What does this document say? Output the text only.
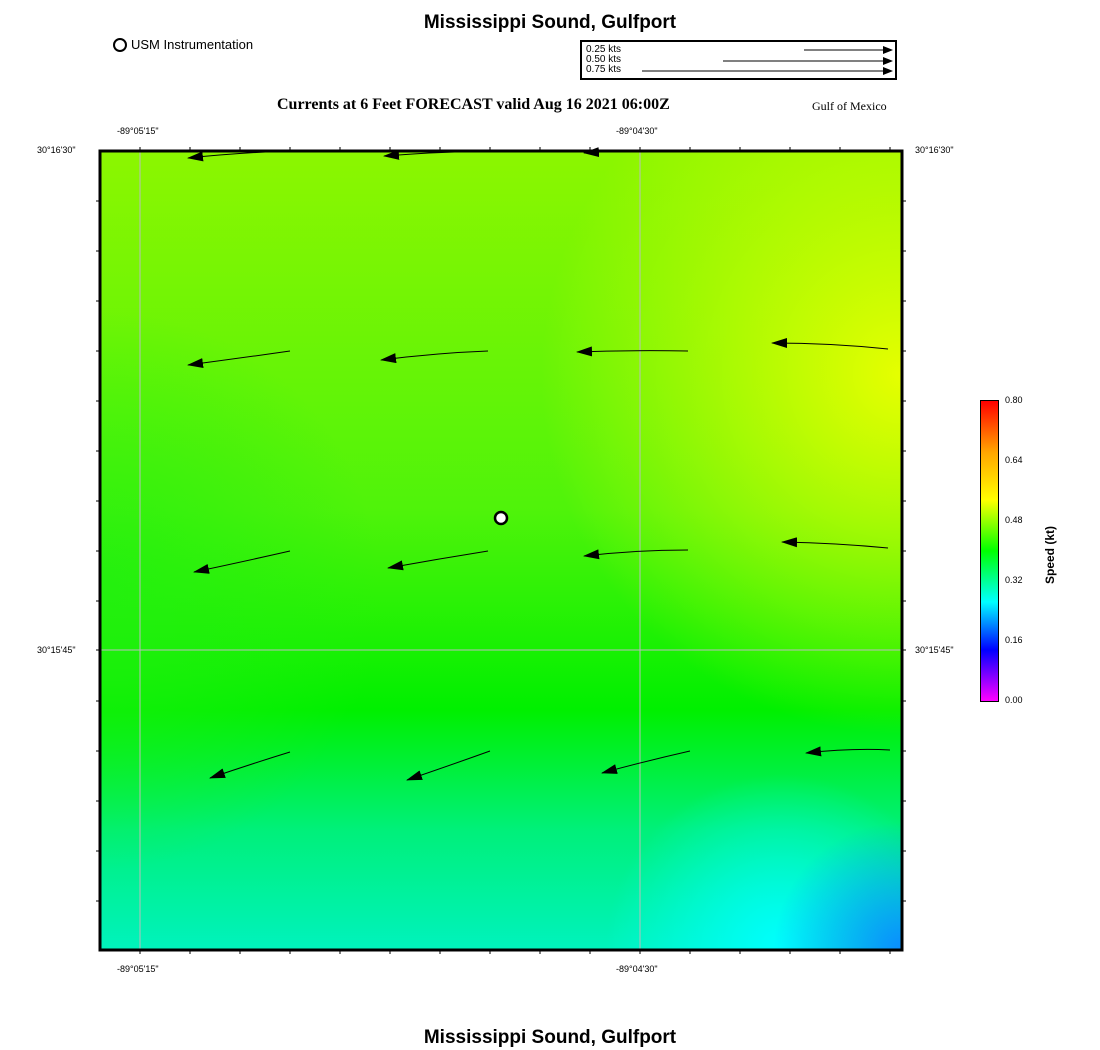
Mississippi Sound, Gulfport
USM Instrumentation	0.25 kts
0.50 kts
0.75 kts
Currents at 6 Feet FORECAST valid Aug 16 2021 06:00Z	Gulf of Mexico
-89°05'15"	-89°04'30"
-89°05'15"	-89°04'30"
30°16'30"
30°15'45"
30°16'30"
30°15'45"
0.80
0.64
0.48
0.32
0.16
0.00
Speed (kt)
Mississippi Sound, Gulfport
